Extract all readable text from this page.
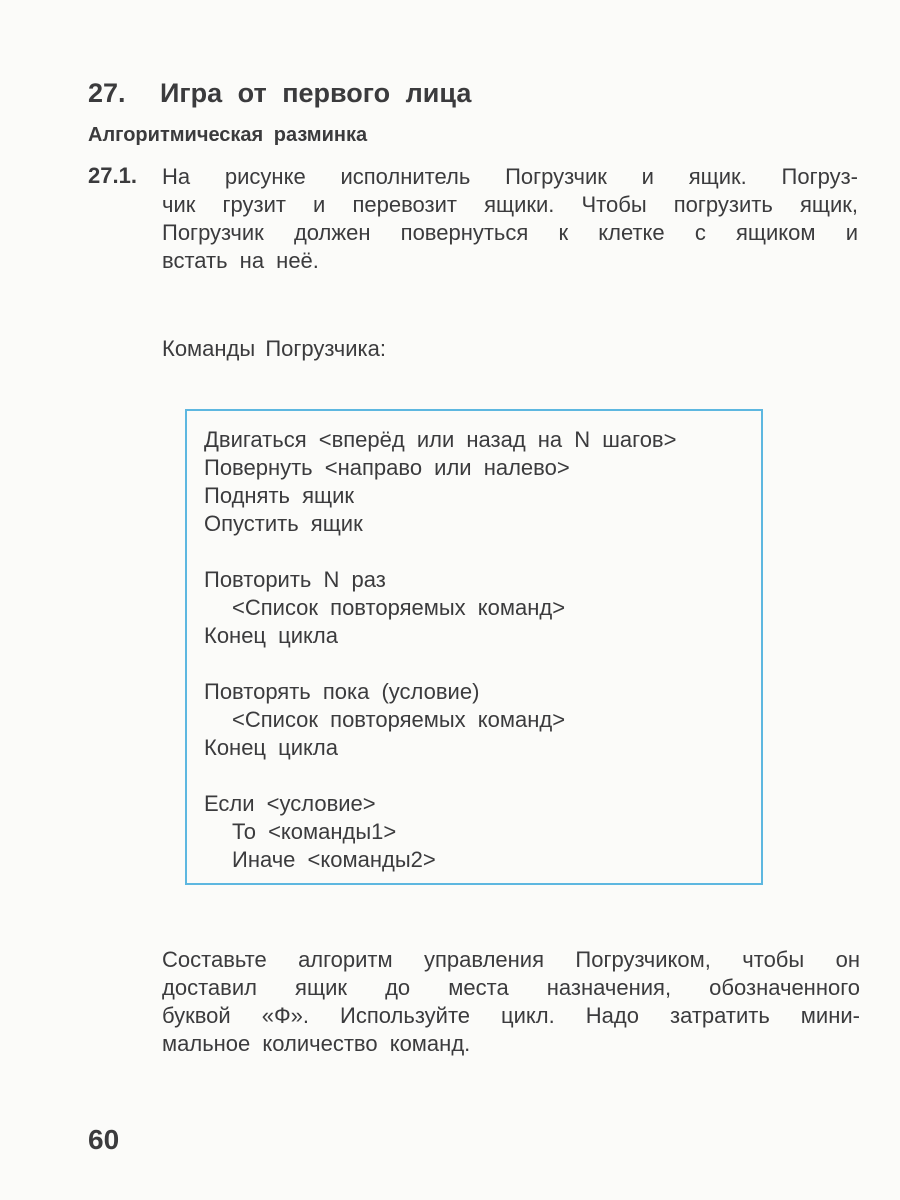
27. Игра от первого лица
Алгоритмическая разминка
27.1. На рисунке исполнитель Погрузчик и ящик. Погруз-
чик грузит и перевозит ящики. Чтобы погрузить ящик,
Погрузчик должен повернуться к клетке с ящиком и
встать на неё.
Команды Погрузчика:
Двигаться <вперёд или назад на N шагов>
Повернуть <направо или налево>
Поднять ящик
Опустить ящик
Повторить N раз
<Список повторяемых команд>
Конец цикла
Повторять пока (условие)
<Список повторяемых команд>
Конец цикла
Если <условие>
То <команды1>
Иначе <команды2>
Составьте алгоритм управления Погрузчиком, чтобы он
доставил ящик до места назначения, обозначенного
буквой «Ф». Используйте цикл. Надо затратить мини-
мальное количество команд.
60
